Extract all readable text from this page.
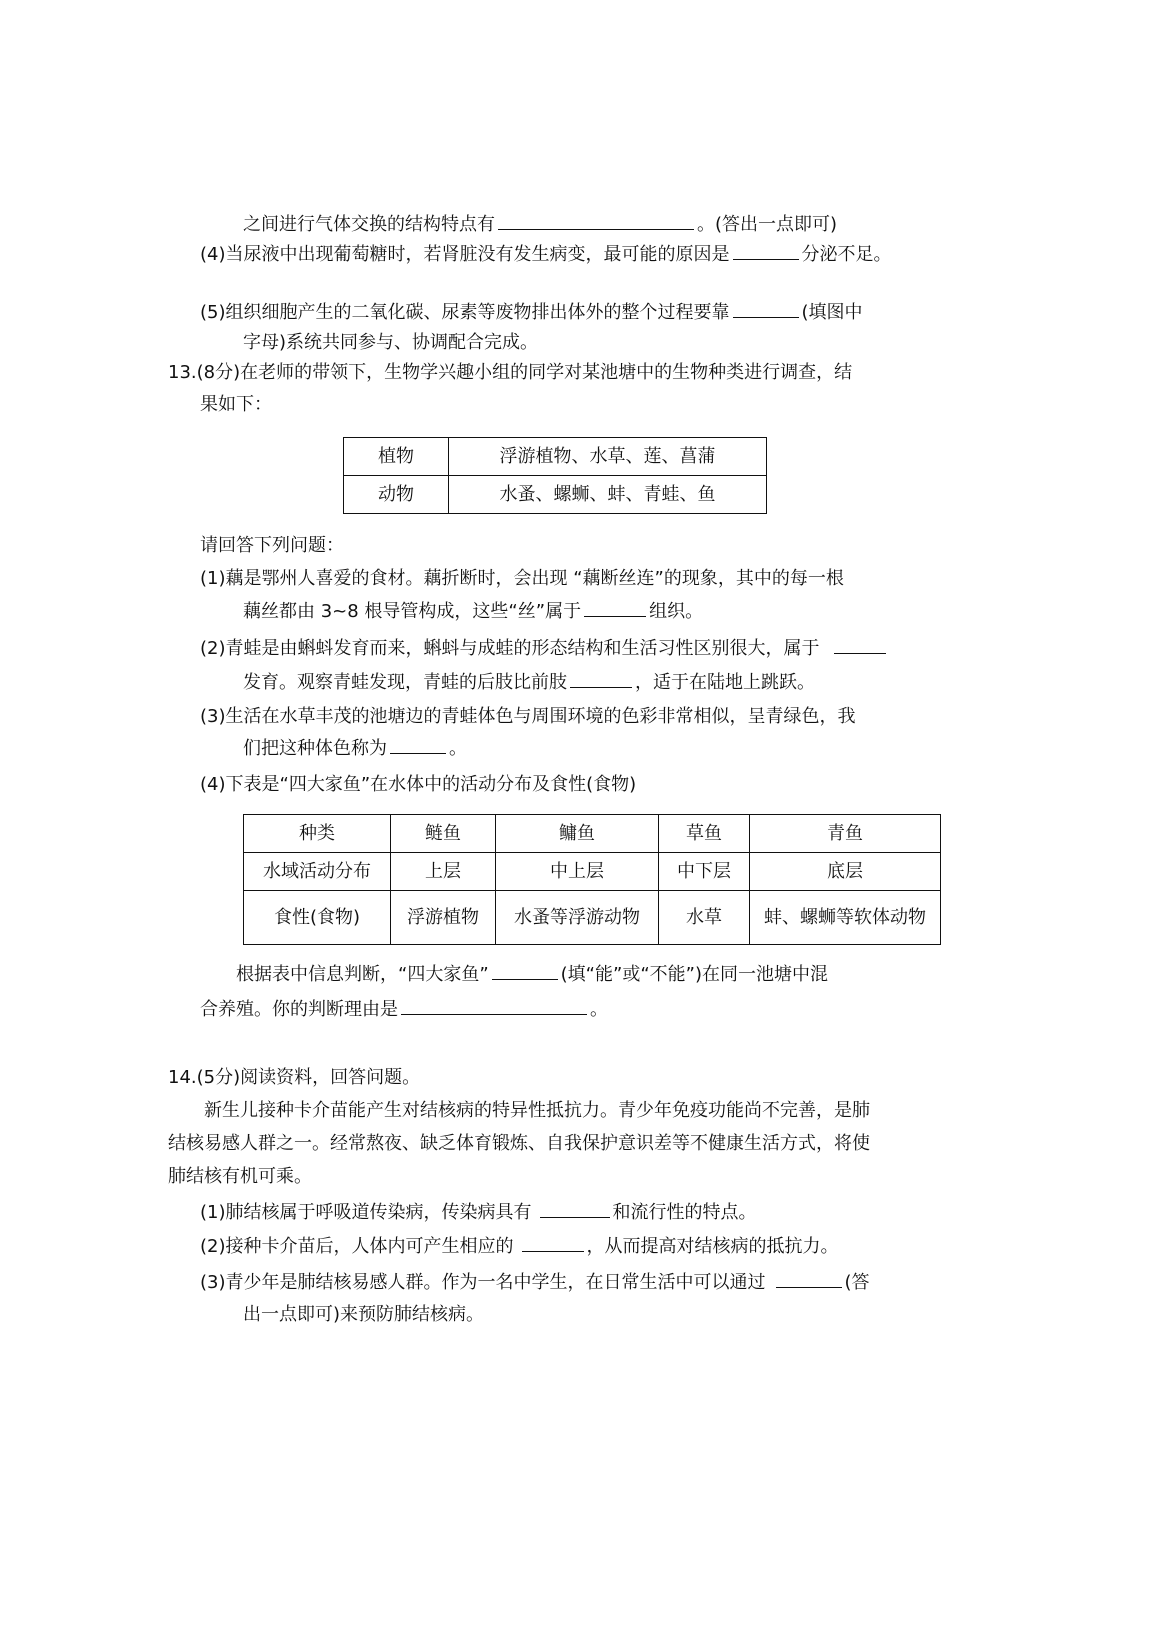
之间进行气体交换的结构特点有	。(答出一点即可)
(4)当尿液中出现葡萄糖时，若肾脏没有发生病变，最可能的原因是	分泌不足。
(5)组织细胞产生的二氧化碳、尿素等废物排出体外的整个过程要靠	(填图中
字母)系统共同参与、协调配合完成。
13.(8分)在老师的带领下，生物学兴趣小组的同学对某池塘中的生物种类进行调查，结
果如下：
植物	浮游植物、水草、莲、菖蒲
动物	水蚤、螺蛳、蚌、青蛙、鱼
请回答下列问题：
(1)藕是鄂州人喜爱的食材。藕折断时，会出现 “藕断丝连”的现象，其中的每一根
藕丝都由 3~8 根导管构成，这些“丝”属于	组织。
(2)青蛙是由蝌蚪发育而来，蝌蚪与成蛙的形态结构和生活习性区别很大，属于
发育。观察青蛙发现，青蛙的后肢比前肢	，适于在陆地上跳跃。
(3)生活在水草丰茂的池塘边的青蛙体色与周围环境的色彩非常相似，呈青绿色，我
们把这种体色称为	。
(4)下表是“四大家鱼”在水体中的活动分布及食性(食物)
种类	鲢鱼	鳙鱼	草鱼	青鱼
水域活动分布	上层	中上层	中下层	底层
食性(食物)	浮游植物	水蚤等浮游动物	水草	蚌、螺蛳等软体动物
根据表中信息判断，“四大家鱼”	(填“能”或“不能”)在同一池塘中混
合养殖。你的判断理由是	。
14.(5分)阅读资料，回答问题。
新生儿接种卡介苗能产生对结核病的特异性抵抗力。青少年免疫功能尚不完善，是肺
结核易感人群之一。经常熬夜、缺乏体育锻炼、自我保护意识差等不健康生活方式，将使
肺结核有机可乘。
(1)肺结核属于呼吸道传染病，传染病具有	和流行性的特点。
(2)接种卡介苗后，人体内可产生相应的	，从而提高对结核病的抵抗力。
(3)青少年是肺结核易感人群。作为一名中学生，在日常生活中可以通过	(答
出一点即可)来预防肺结核病。
